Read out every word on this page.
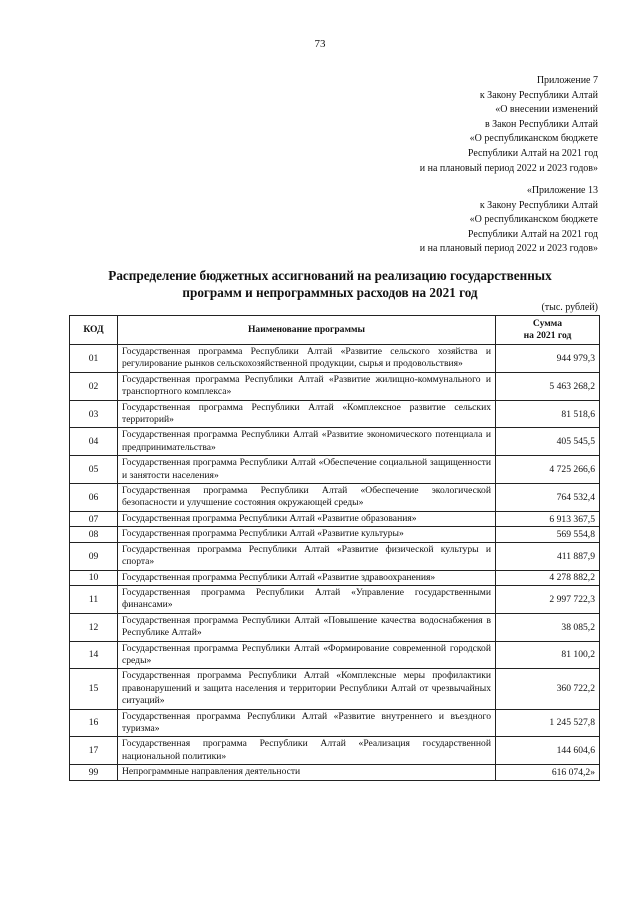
73
Приложение 7
к Закону Республики Алтай
«О внесении изменений
в Закон Республики Алтай
«О республиканском бюджете
Республики Алтай на 2021 год
и на плановый период 2022 и 2023 годов»
«Приложение 13
к Закону Республики Алтай
«О республиканском бюджете
Республики Алтай на 2021 год
и на плановый период 2022 и 2023 годов»
Распределение бюджетных ассигнований на реализацию государственных
программ и непрограммных расходов на 2021 год
(тыс. рублей)
КОД	Наименование программы	Сумма
на 2021 год

01	Государственная программа Республики Алтай «Развитие сельского хозяйства и регулирование рынков сельскохозяйственной продукции, сырья и продовольствия»	944 979,3
02	Государственная программа Республики Алтай «Развитие жилищно-коммунального и транспортного комплекса»	5 463 268,2
03	Государственная программа Республики Алтай «Комплексное развитие сельских территорий»	81 518,6
04	Государственная программа Республики Алтай «Развитие экономического потенциала и предпринимательства»	405 545,5
05	Государственная программа Республики Алтай «Обеспечение социальной защищенности и занятости населения»	4 725 266,6
06	Государственная программа Республики Алтай «Обеспечение экологической безопасности и улучшение состояния окружающей среды»	764 532,4
07	Государственная программа Республики Алтай «Развитие образования»	6 913 367,5
08	Государственная программа Республики Алтай «Развитие культуры»	569 554,8
09	Государственная программа Республики Алтай «Развитие физической культуры и спорта»	411 887,9
10	Государственная программа Республики Алтай «Развитие здравоохранения»	4 278 882,2
11	Государственная программа Республики Алтай «Управление государственными финансами»	2 997 722,3
12	Государственная программа Республики Алтай «Повышение качества водоснабжения в Республике Алтай»	38 085,2
14	Государственная программа Республики Алтай «Формирование современной городской среды»	81 100,2
15	Государственная программа Республики Алтай «Комплексные меры профилактики правонарушений и защита населения и территории Республики Алтай от чрезвычайных ситуаций»	360 722,2
16	Государственная программа Республики Алтай «Развитие внутреннего и въездного туризма»	1 245 527,8
17	Государственная программа Республики Алтай «Реализация государственной национальной политики»	144 604,6
99	Непрограммные направления деятельности	616 074,2»
